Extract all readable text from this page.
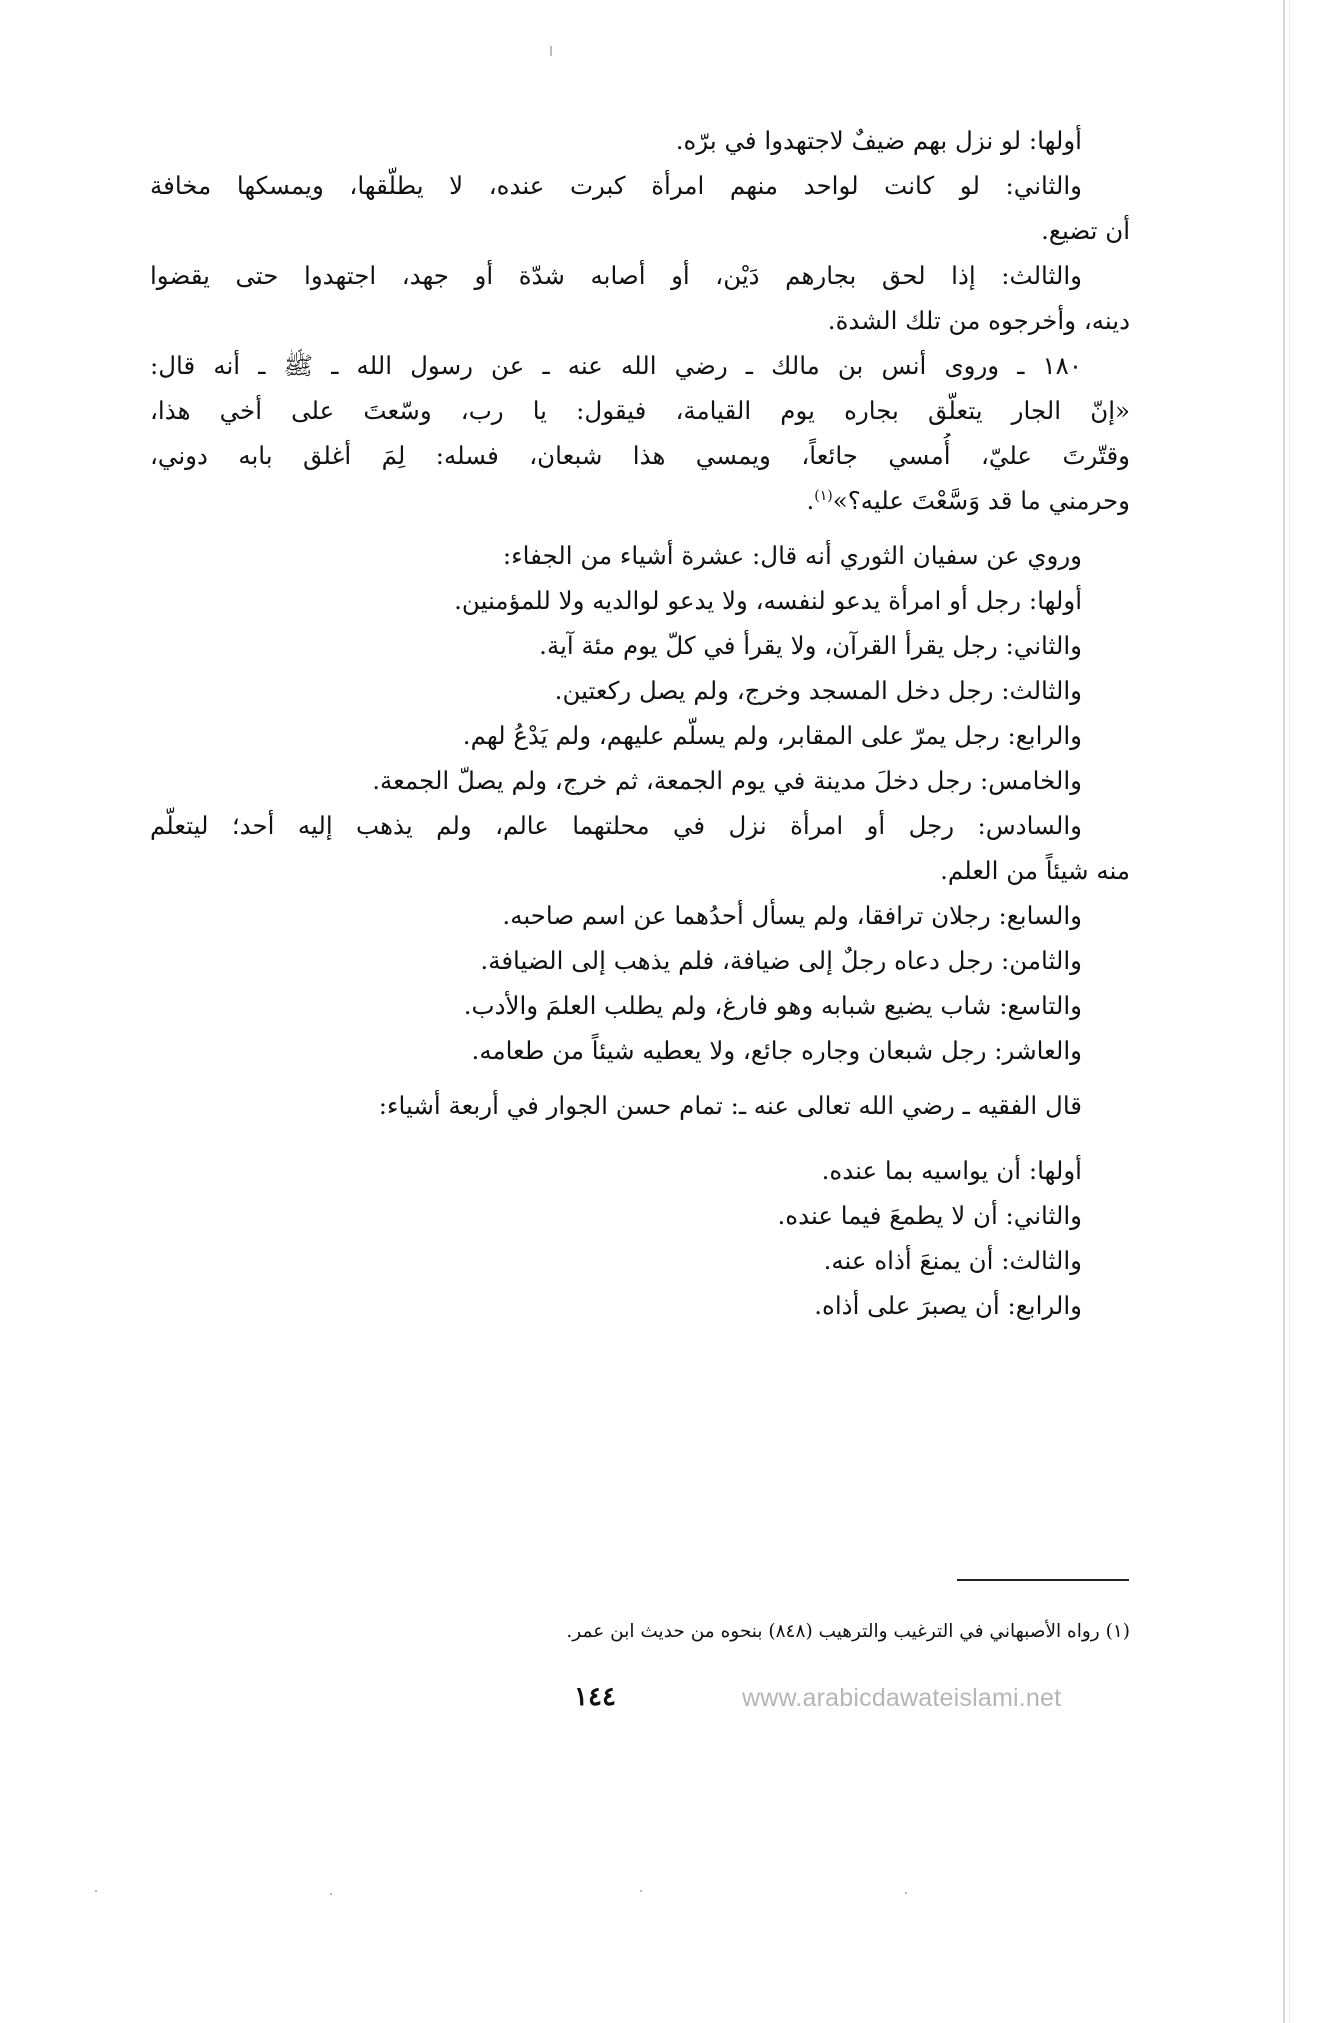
أولها: لو نزل بهم ضيفٌ لاجتهدوا في برّه.
والثاني: لو كانت لواحد منهم امرأة كبرت عنده، لا يطلّقها، ويمسكها مخافة
أن تضيع.
والثالث: إذا لحق بجارهم دَيْن، أو أصابه شدّة أو جهد، اجتهدوا حتى يقضوا
دينه، وأخرجوه من تلك الشدة.
١٨٠ ـ وروى أنس بن مالك ـ رضي الله عنه ـ عن رسول الله ـ ﷺ ـ أنه قال:
«إنّ الجار يتعلّق بجاره يوم القيامة، فيقول: يا رب، وسّعتَ على أخي هذا،
وقتّرتَ عليّ، أُمسي جائعاً، ويمسي هذا شبعان، فسله: لِمَ أغلق بابه دوني،
وحرمني ما قد وَسَّعْتَ عليه؟»$^{(١)}$.
وروي عن سفيان الثوري أنه قال: عشرة أشياء من الجفاء:
أولها: رجل أو امرأة يدعو لنفسه، ولا يدعو لوالديه ولا للمؤمنين.
والثاني: رجل يقرأ القرآن، ولا يقرأ في كلّ يوم مئة آية.
والثالث: رجل دخل المسجد وخرج، ولم يصل ركعتين.
والرابع: رجل يمرّ على المقابر، ولم يسلّم عليهم، ولم يَدْعُ لهم.
والخامس: رجل دخلَ مدينة في يوم الجمعة، ثم خرج، ولم يصلّ الجمعة.
والسادس: رجل أو امرأة نزل في محلتهما عالم، ولم يذهب إليه أحد؛ ليتعلّم
منه شيئاً من العلم.
والسابع: رجلان ترافقا، ولم يسأل أحدُهما عن اسم صاحبه.
والثامن: رجل دعاه رجلٌ إلى ضيافة، فلم يذهب إلى الضيافة.
والتاسع: شاب يضيع شبابه وهو فارغ، ولم يطلب العلمَ والأدب.
والعاشر: رجل شبعان وجاره جائع، ولا يعطيه شيئاً من طعامه.
قال الفقيه ـ رضي الله تعالى عنه ـ: تمام حسن الجوار في أربعة أشياء:
أولها: أن يواسيه بما عنده.
والثاني: أن لا يطمعَ فيما عنده.
والثالث: أن يمنعَ أذاه عنه.
والرابع: أن يصبرَ على أذاه.
(١) رواه الأصبهاني في الترغيب والترهيب (٨٤٨) بنحوه من حديث ابن عمر.
١٤٤	www.arabicdawateislami.net
